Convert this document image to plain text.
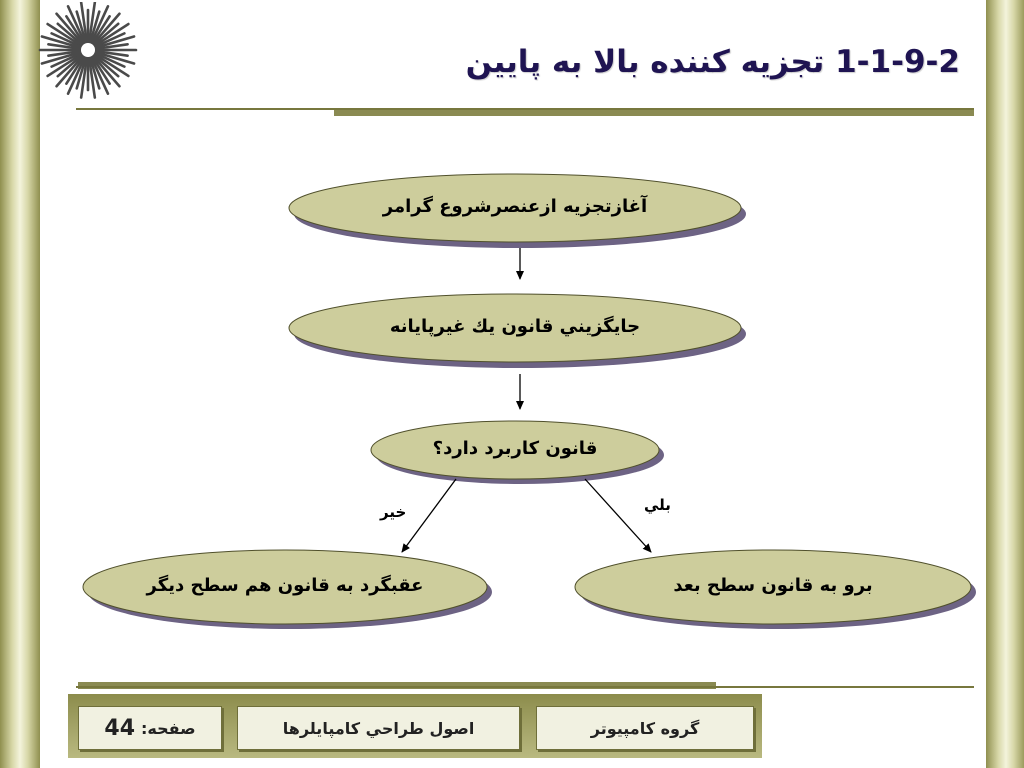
1-1-9-2 تجزيه كننده بالا به پايين
آغازتجزيه ازعنصرشروع گرامر
جايگزيني قانون يك غيرپايانه
قانون كاربرد دارد؟
برو به قانون سطح بعد
عقبگرد به قانون هم سطح ديگر
بلي
خير
گروه كامپيوتر
اصول طراحي كامپايلرها
صفحه:
44
